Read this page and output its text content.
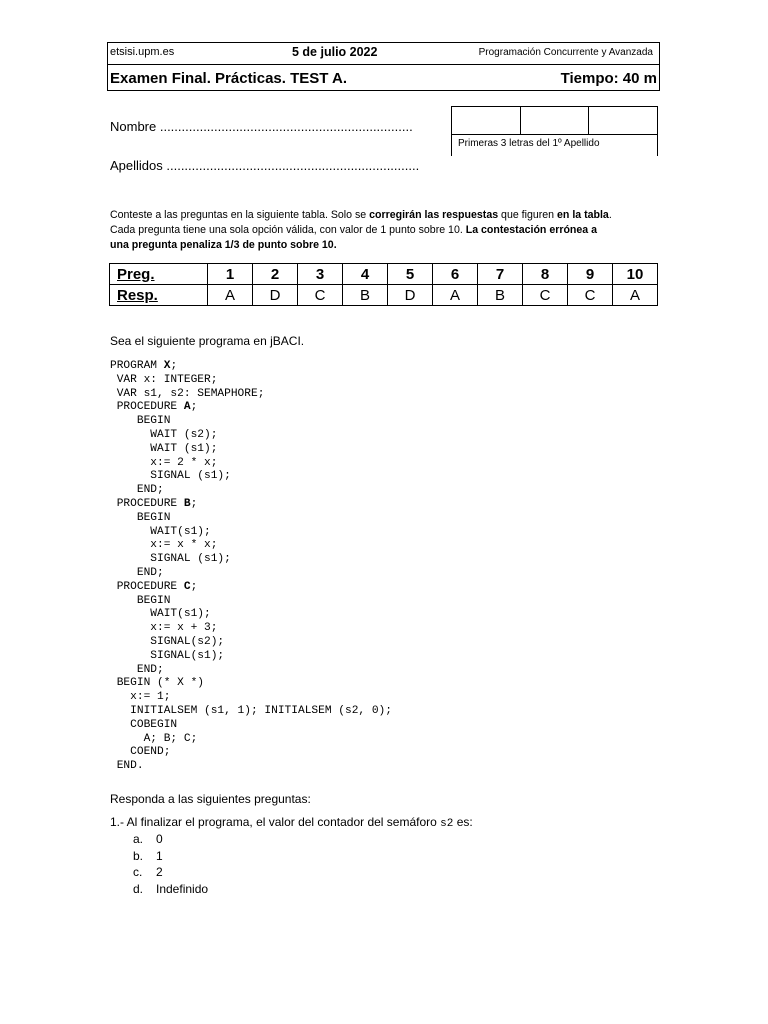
etsisi.upm.es	5 de julio 2022	Programación Concurrente y Avanzada
Examen Final. Prácticas. TEST A.	Tiempo: 40 m
Nombre ......................................................................
Apellidos ......................................................................
Primeras 3 letras del 1º Apellido

Conteste a las preguntas en la siguiente tabla. Solo se corregirán las respuestas que figuren en la tabla.

Cada pregunta tiene una sola opción válida, con valor de 1 punto sobre 10. La contestación errónea a

una pregunta penaliza 1/3 de punto sobre 10.

Preg.	1	2	3	4	5	6	7	8	9	10
Resp.	A	D	C	B	D	A	B	C	C	A
Sea el siguiente programa en jBACI.
PROGRAM X;
VAR x: INTEGER;
VAR s1, s2: SEMAPHORE;
PROCEDURE A;
BEGIN
WAIT (s2);
WAIT (s1);
x:= 2 * x;
SIGNAL (s1);
END;
PROCEDURE B;
BEGIN
WAIT(s1);
x:= x * x;
SIGNAL (s1);
END;
PROCEDURE C;
BEGIN
WAIT(s1);
x:= x + 3;
SIGNAL(s2);
SIGNAL(s1);
END;
BEGIN (* X *)
x:= 1;
INITIALSEM (s1, 1); INITIALSEM (s2, 0);
COBEGIN
A; B; C;
COEND;
END.
Responda a las siguientes preguntas:
1.- Al finalizar el programa, el valor del contador del semáforo s2 es:
a.	0
b.	1
c.	2
d.	Indefinido
